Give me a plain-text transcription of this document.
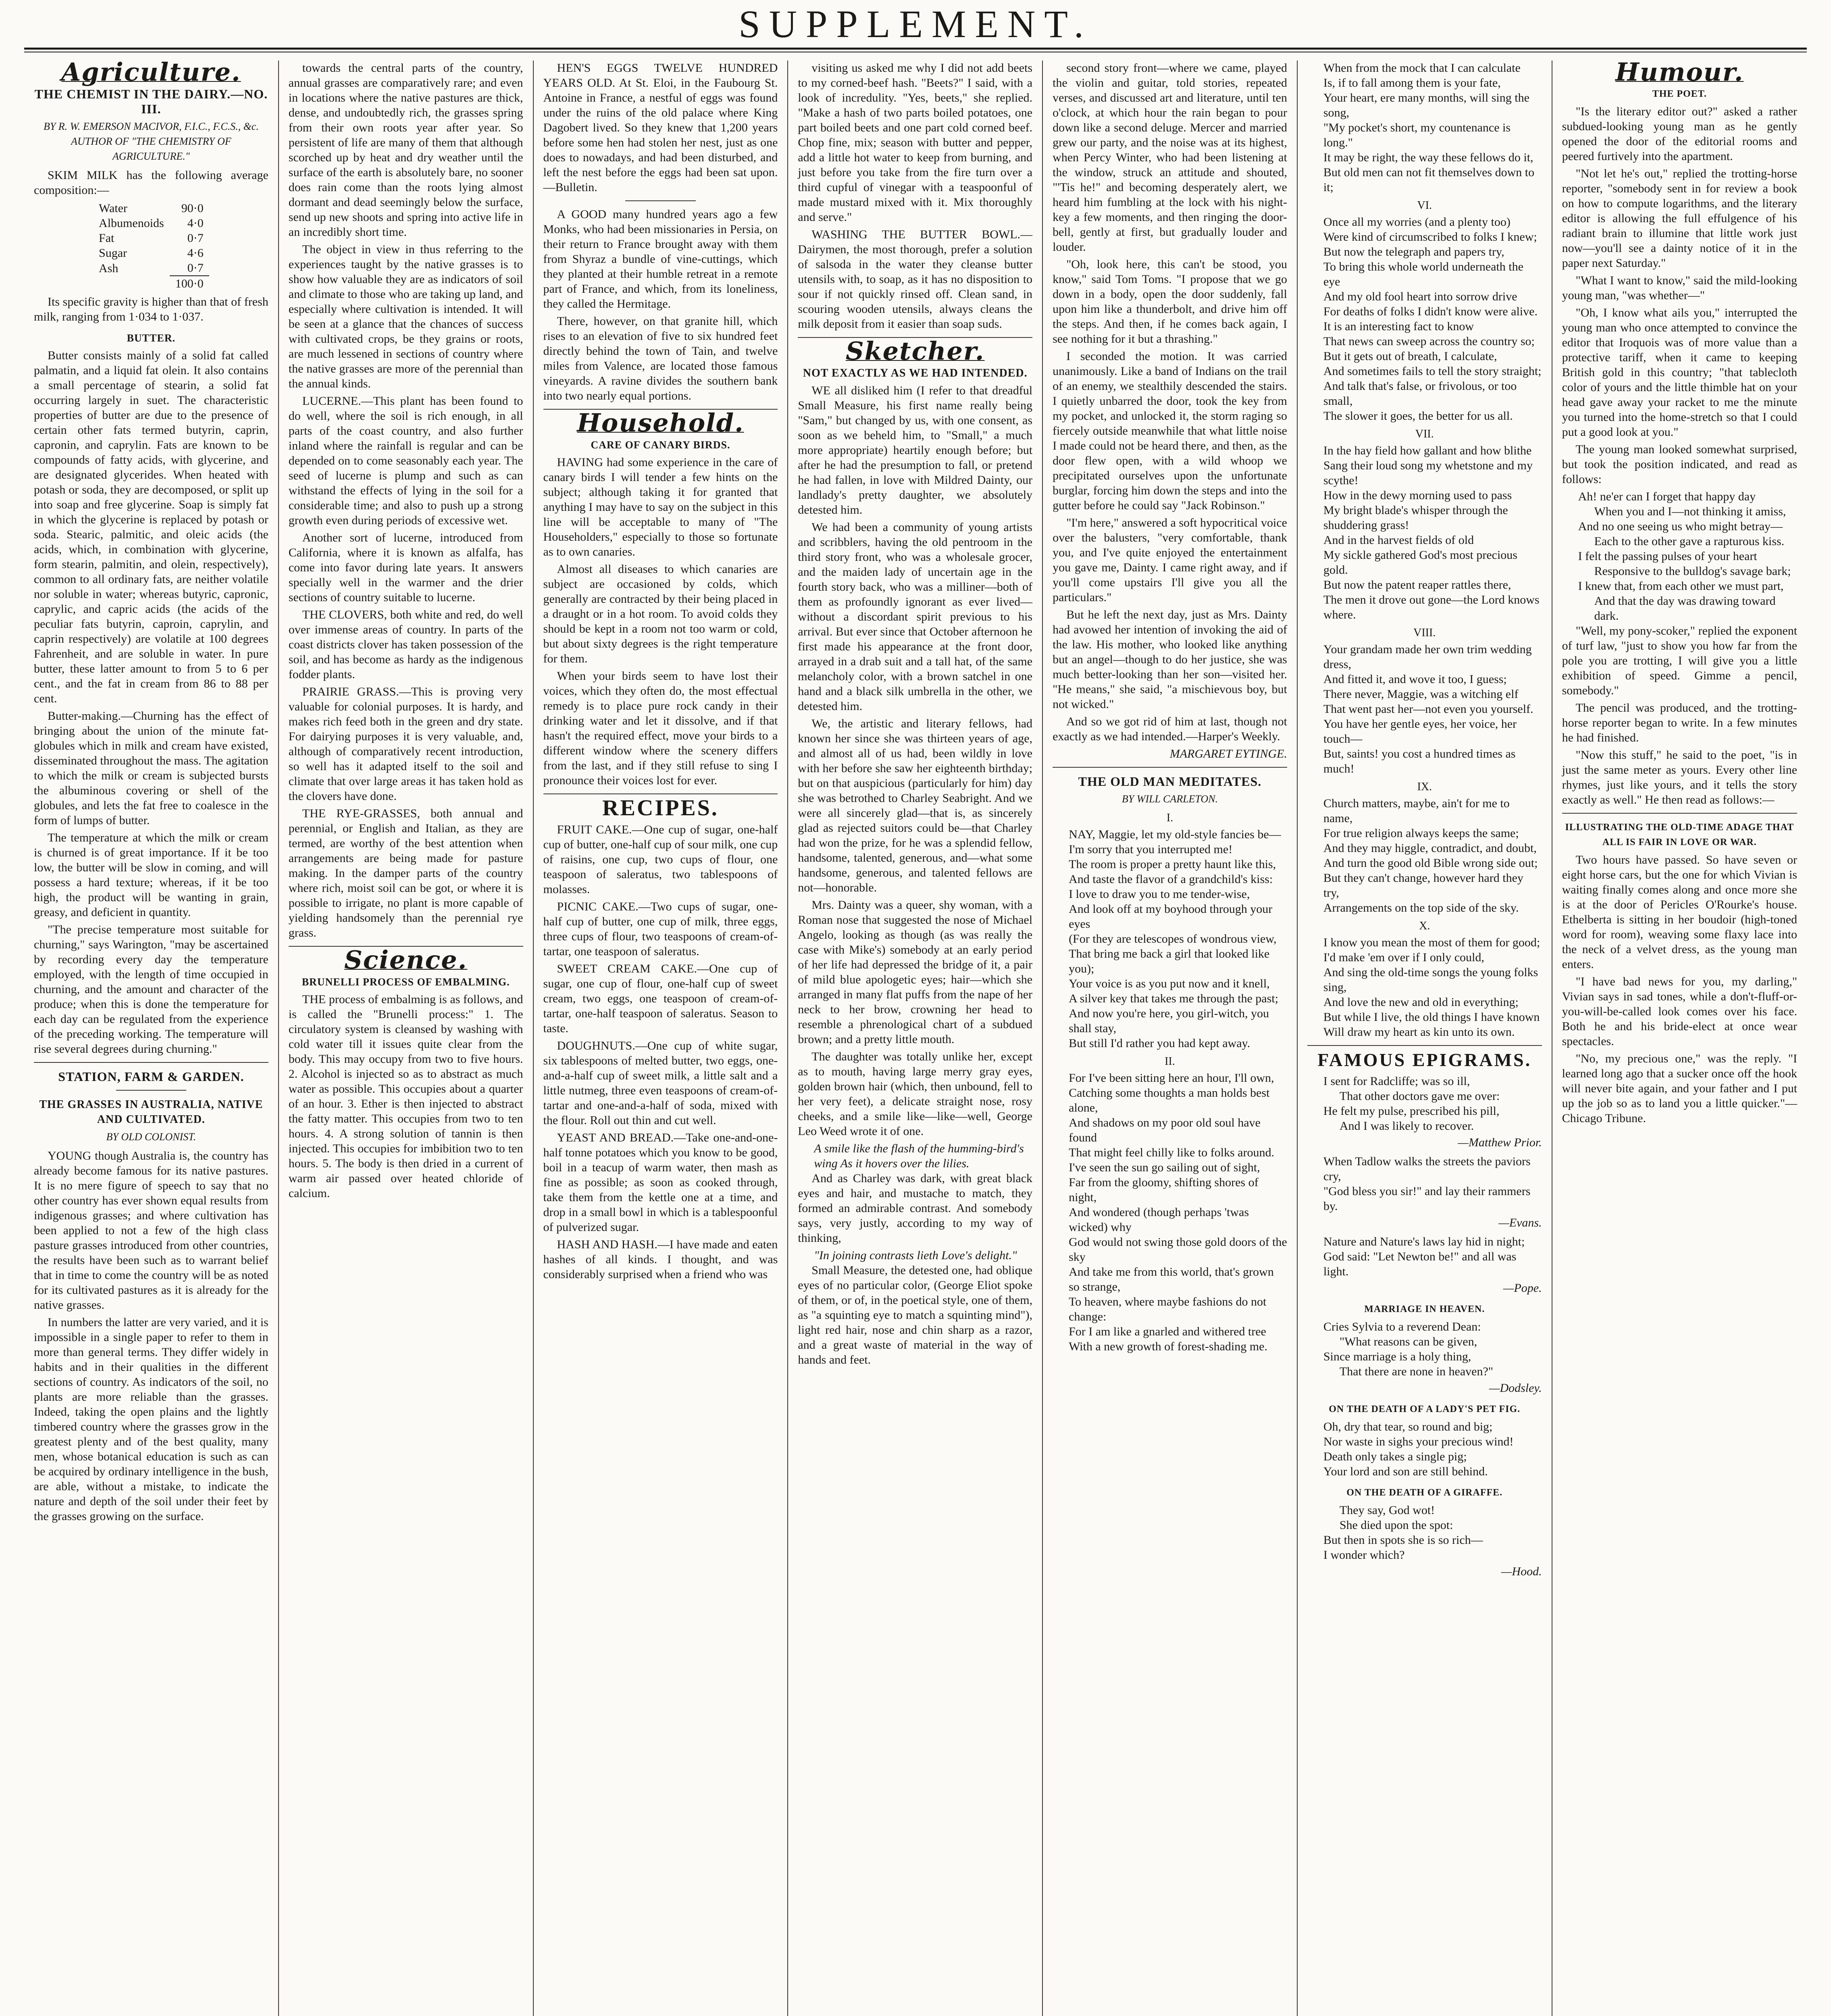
SUPPLEMENT.
Agriculture.
THE CHEMIST IN THE DAIRY.—NO. III.
BY R. W. EMERSON MACIVOR, F.I.C., F.C.S., &c. AUTHOR OF "THE CHEMISTRY OF AGRICULTURE."

SKIM MILK has the following average composition:—

Water	90·0
Albumenoids	4·0
Fat	0·7
Sugar	4·6
Ash	0·7
	100·0

Its specific gravity is higher than that of fresh milk, ranging from 1·034 to 1·037.

BUTTER.

Butter consists mainly of a solid fat called palmatin, and a liquid fat olein. It also contains a small percentage of stearin, a solid fat occurring largely in suet. The characteristic properties of butter are due to the presence of certain other fats termed butyrin, caprin, capronin, and caprylin. Fats are known to be compounds of fatty acids, with glycerine, and are designated glycerides. When heated with potash or soda, they are decomposed, or split up into soap and free glycerine. Soap is simply fat in which the glycerine is replaced by potash or soda. Stearic, palmitic, and oleic acids (the acids, which, in combination with glycerine, form stearin, palmitin, and olein, respectively), common to all ordinary fats, are neither volatile nor soluble in water; whereas butyric, capronic, caprylic, and capric acids (the acids of the peculiar fats butyrin, caproin, caprylin, and caprin respectively) are volatile at 100 degrees Fahrenheit, and are soluble in water. In pure butter, these latter amount to from 5 to 6 per cent., and the fat in cream from 86 to 88 per cent.

Butter-making.—Churning has the effect of bringing about the union of the minute fat-globules which in milk and cream have existed, disseminated throughout the mass. The agitation to which the milk or cream is subjected bursts the albuminous covering or shell of the globules, and lets the fat free to coalesce in the form of lumps of butter.

The temperature at which the milk or cream is churned is of great importance. If it be too low, the butter will be slow in coming, and will possess a hard texture; whereas, if it be too high, the product will be wanting in grain, greasy, and deficient in quantity.

"The precise temperature most suitable for churning," says Warington, "may be ascertained by recording every day the temperature employed, with the length of time occupied in churning, and the amount and character of the produce; when this is done the temperature for each day can be regulated from the experience of the preceding working. The temperature will rise several degrees during churning."

STATION, FARM & GARDEN.
THE GRASSES IN AUSTRALIA, NATIVE AND CULTIVATED.
BY OLD COLONIST.

YOUNG though Australia is, the country has already become famous for its native pastures. It is no mere figure of speech to say that no other country has ever shown equal results from indigenous grasses; and where cultivation has been applied to not a few of the high class pasture grasses introduced from other countries, the results have been such as to warrant belief that in time to come the country will be as noted for its cultivated pastures as it is already for the native grasses.

In numbers the latter are very varied, and it is impossible in a single paper to refer to them in more than general terms. They differ widely in habits and in their qualities in the different sections of country. As indicators of the soil, no plants are more reliable than the grasses. Indeed, taking the open plains and the lightly timbered country where the grasses grow in the greatest plenty and of the best quality, many men, whose botanical education is such as can be acquired by ordinary intelligence in the bush, are able, without a mistake, to indicate the nature and depth of the soil under their feet by the grasses growing on the surface.

towards the central parts of the country, annual grasses are comparatively rare; and even in locations where the native pastures are thick, dense, and undoubtedly rich, the grasses spring from their own roots year after year. So persistent of life are many of them that although scorched up by heat and dry weather until the surface of the earth is absolutely bare, no sooner does rain come than the roots lying almost dormant and dead seemingly below the surface, send up new shoots and spring into active life in an incredibly short time.

The object in view in thus referring to the experiences taught by the native grasses is to show how valuable they are as indicators of soil and climate to those who are taking up land, and especially where cultivation is intended. It will be seen at a glance that the chances of success with cultivated crops, be they grains or roots, are much lessened in sections of country where the native grasses are more of the perennial than the annual kinds.

LUCERNE.—This plant has been found to do well, where the soil is rich enough, in all parts of the coast country, and also further inland where the rainfall is regular and can be depended on to come seasonably each year. The seed of lucerne is plump and such as can withstand the effects of lying in the soil for a considerable time; and also to push up a strong growth even during periods of excessive wet.

Another sort of lucerne, introduced from California, where it is known as alfalfa, has come into favor during late years. It answers specially well in the warmer and the drier sections of country suitable to lucerne.

THE CLOVERS, both white and red, do well over immense areas of country. In parts of the coast districts clover has taken possession of the soil, and has become as hardy as the indigenous fodder plants.

PRAIRIE GRASS.—This is proving very valuable for colonial purposes. It is hardy, and makes rich feed both in the green and dry state. For dairying purposes it is very valuable, and, although of comparatively recent introduction, so well has it adapted itself to the soil and climate that over large areas it has taken hold as the clovers have done.

THE RYE-GRASSES, both annual and perennial, or English and Italian, as they are termed, are worthy of the best attention when arrangements are being made for pasture making. In the damper parts of the country where rich, moist soil can be got, or where it is possible to irrigate, no plant is more capable of yielding handsomely than the perennial rye grass.

Science.
BRUNELLI PROCESS OF EMBALMING.

THE process of embalming is as follows, and is called the "Brunelli process:" 1. The circulatory system is cleansed by washing with cold water till it issues quite clear from the body. This may occupy from two to five hours. 2. Alcohol is injected so as to abstract as much water as possible. This occupies about a quarter of an hour. 3. Ether is then injected to abstract the fatty matter. This occupies from two to ten hours. 4. A strong solution of tannin is then injected. This occupies for imbibition two to ten hours. 5. The body is then dried in a current of warm air passed over heated chloride of calcium.

HEN'S EGGS TWELVE HUNDRED YEARS OLD. At St. Eloi, in the Faubourg St. Antoine in France, a nestful of eggs was found under the ruins of the old palace where King Dagobert lived. So they knew that 1,200 years before some hen had stolen her nest, just as one does to nowadays, and had been disturbed, and left the nest before the eggs had been sat upon.—Bulletin.

A GOOD many hundred years ago a few Monks, who had been missionaries in Persia, on their return to France brought away with them from Shyraz a bundle of vine-cuttings, which they planted at their humble retreat in a remote part of France, and which, from its loneliness, they called the Hermitage.

There, however, on that granite hill, which rises to an elevation of five to six hundred feet directly behind the town of Tain, and twelve miles from Valence, are located those famous vineyards. A ravine divides the southern bank into two nearly equal portions.

Household.
CARE OF CANARY BIRDS.

HAVING had some experience in the care of canary birds I will tender a few hints on the subject; although taking it for granted that anything I may have to say on the subject in this line will be acceptable to many of "The Householders," especially to those so fortunate as to own canaries.

Almost all diseases to which canaries are subject are occasioned by colds, which generally are contracted by their being placed in a draught or in a hot room. To avoid colds they should be kept in a room not too warm or cold, but about sixty degrees is the right temperature for them.

When your birds seem to have lost their voices, which they often do, the most effectual remedy is to place pure rock candy in their drinking water and let it dissolve, and if that hasn't the required effect, move your birds to a different window where the scenery differs from the last, and if they still refuse to sing I pronounce their voices lost for ever.

RECIPES.

FRUIT CAKE.—One cup of sugar, one-half cup of butter, one-half cup of sour milk, one cup of raisins, one cup, two cups of flour, one teaspoon of saleratus, two tablespoons of molasses.

PICNIC CAKE.—Two cups of sugar, one-half cup of butter, one cup of milk, three eggs, three cups of flour, two teaspoons of cream-of-tartar, one teaspoon of saleratus.

SWEET CREAM CAKE.—One cup of sugar, one cup of flour, one-half cup of sweet cream, two eggs, one teaspoon of cream-of-tartar, one-half teaspoon of saleratus. Season to taste.

DOUGHNUTS.—One cup of white sugar, six tablespoons of melted butter, two eggs, one-and-a-half cup of sweet milk, a little salt and a little nutmeg, three even teaspoons of cream-of-tartar and one-and-a-half of soda, mixed with the flour. Roll out thin and cut well.

YEAST AND BREAD.—Take one-and-one-half tonne potatoes which you know to be good, boil in a teacup of warm water, then mash as fine as possible; as soon as cooked through, take them from the kettle one at a time, and drop in a small bowl in which is a tablespoonful of pulverized sugar.

HASH AND HASH.—I have made and eaten hashes of all kinds. I thought, and was considerably surprised when a friend who was

visiting us asked me why I did not add beets to my corned-beef hash. "Beets?" I said, with a look of incredulity. "Yes, beets," she replied. "Make a hash of two parts boiled potatoes, one part boiled beets and one part cold corned beef. Chop fine, mix; season with butter and pepper, add a little hot water to keep from burning, and just before you take from the fire turn over a third cupful of vinegar with a teaspoonful of made mustard mixed with it. Mix thoroughly and serve."

WASHING THE BUTTER BOWL.—Dairymen, the most thorough, prefer a solution of salsoda in the water they cleanse butter utensils with, to soap, as it has no disposition to sour if not quickly rinsed off. Clean sand, in scouring wooden utensils, always cleans the milk deposit from it easier than soap suds.

Sketcher.
NOT EXACTLY AS WE HAD INTENDED.

WE all disliked him (I refer to that dreadful Small Measure, his first name really being "Sam," but changed by us, with one consent, as soon as we beheld him, to "Small," a much more appropriate) heartily enough before; but after he had the presumption to fall, or pretend he had fallen, in love with Mildred Dainty, our landlady's pretty daughter, we absolutely detested him.

We had been a community of young artists and scribblers, having the old pentroom in the third story front, who was a wholesale grocer, and the maiden lady of uncertain age in the fourth story back, who was a milliner—both of them as profoundly ignorant as ever lived—without a discordant spirit previous to his arrival. But ever since that October afternoon he first made his appearance at the front door, arrayed in a drab suit and a tall hat, of the same melancholy color, with a brown satchel in one hand and a black silk umbrella in the other, we detested him.

We, the artistic and literary fellows, had known her since she was thirteen years of age, and almost all of us had, been wildly in love with her before she saw her eighteenth birthday; but on that auspicious (particularly for him) day she was betrothed to Charley Seabright. And we were all sincerely glad—that is, as sincerely glad as rejected suitors could be—that Charley had won the prize, for he was a splendid fellow, handsome, talented, generous, and—what some handsome, generous, and talented fellows are not—honorable.

Mrs. Dainty was a queer, shy woman, with a Roman nose that suggested the nose of Michael Angelo, looking as though (as was really the case with Mike's) somebody at an early period of her life had depressed the bridge of it, a pair of mild blue apologetic eyes; hair—which she arranged in many flat puffs from the nape of her neck to her brow, crowning her head to resemble a phrenological chart of a subdued brown; and a pretty little mouth.

The daughter was totally unlike her, except as to mouth, having large merry gray eyes, golden brown hair (which, then unbound, fell to her very feet), a delicate straight nose, rosy cheeks, and a smile like—like—well, George Leo Weed wrote it of one.

A smile like the flash of the humming-bird's wing As it hovers over the lilies.

And as Charley was dark, with great black eyes and hair, and mustache to match, they formed an admirable contrast. And somebody says, very justly, according to my way of thinking,

"In joining contrasts lieth Love's delight."

Small Measure, the detested one, had oblique eyes of no particular color, (George Eliot spoke of them, or of, in the poetical style, one of them, as "a squinting eye to match a squinting mind"), light red hair, nose and chin sharp as a razor, and a great waste of material in the way of hands and feet.

second story front—where we came, played the violin and guitar, told stories, repeated verses, and discussed art and literature, until ten o'clock, at which hour the rain began to pour down like a second deluge. Mercer and married grew our party, and the noise was at its highest, when Percy Winter, who had been listening at the window, struck an attitude and shouted, "'Tis he!" and becoming desperately alert, we heard him fumbling at the lock with his night-key a few moments, and then ringing the door-bell, gently at first, but gradually louder and louder.

"Oh, look here, this can't be stood, you know," said Tom Toms. "I propose that we go down in a body, open the door suddenly, fall upon him like a thunderbolt, and drive him off the steps. And then, if he comes back again, I see nothing for it but a thrashing."

I seconded the motion. It was carried unanimously. Like a band of Indians on the trail of an enemy, we stealthily descended the stairs. I quietly unbarred the door, took the key from my pocket, and unlocked it, the storm raging so fiercely outside meanwhile that what little noise I made could not be heard there, and then, as the door flew open, with a wild whoop we precipitated ourselves upon the unfortunate burglar, forcing him down the steps and into the gutter before he could say "Jack Robinson."

"I'm here," answered a soft hypocritical voice over the balusters, "very comfortable, thank you, and I've quite enjoyed the entertainment you gave me, Dainty. I came right away, and if you'll come upstairs I'll give you all the particulars."

But he left the next day, just as Mrs. Dainty had avowed her intention of invoking the aid of the law. His mother, who looked like anything but an angel—though to do her justice, she was much better-looking than her son—visited her. "He means," she said, "a mischievous boy, but not wicked."

And so we got rid of him at last, though not exactly as we had intended.—Harper's Weekly.

MARGARET EYTINGE.
THE OLD MAN MEDITATES.
BY WILL CARLETON.
I.

NAY, Maggie, let my old-style fancies be—

I'm sorry that you interrupted me!

The room is proper a pretty haunt like this,

And taste the flavor of a grandchild's kiss:

I love to draw you to me tender-wise,

And look off at my boyhood through your eyes

(For they are telescopes of wondrous view,

That bring me back a girl that looked like you);

Your voice is as you put now and it knell,

A silver key that takes me through the past;

And now you're here, you girl-witch, you shall stay,

But still I'd rather you had kept away.

II.

For I've been sitting here an hour, I'll own,

Catching some thoughts a man holds best alone,

And shadows on my poor old soul have found

That might feel chilly like to folks around.

I've seen the sun go sailing out of sight,

Far from the gloomy, shifting shores of night,

And wondered (though perhaps 'twas wicked) why

God would not swing those gold doors of the sky

And take me from this world, that's grown so strange,

To heaven, where maybe fashions do not change:

For I am like a gnarled and withered tree

With a new growth of forest-shading me.

When from the mock that I can calculate

Is, if to fall among them is your fate,

Your heart, ere many months, will sing the song,

"My pocket's short, my countenance is long."

It may be right, the way these fellows do it,

But old men can not fit themselves down to it;

VI.

Once all my worries (and a plenty too)

Were kind of circumscribed to folks I knew;

But now the telegraph and papers try,

To bring this whole world underneath the eye

And my old fool heart into sorrow drive

For deaths of folks I didn't know were alive.

It is an interesting fact to know

That news can sweep across the country so;

But it gets out of breath, I calculate,

And sometimes fails to tell the story straight;

And talk that's false, or frivolous, or too small,

The slower it goes, the better for us all.

VII.

In the hay field how gallant and how blithe

Sang their loud song my whetstone and my scythe!

How in the dewy morning used to pass

My bright blade's whisper through the shuddering grass!

And in the harvest fields of old

My sickle gathered God's most precious gold.

But now the patent reaper rattles there,

The men it drove out gone—the Lord knows where.

VIII.

Your grandam made her own trim wedding dress,

And fitted it, and wove it too, I guess;

There never, Maggie, was a witching elf

That went past her—not even you yourself.

You have her gentle eyes, her voice, her touch—

But, saints! you cost a hundred times as much!

IX.

Church matters, maybe, ain't for me to name,

For true religion always keeps the same;

And they may higgle, contradict, and doubt,

And turn the good old Bible wrong side out;

But they can't change, however hard they try,

Arrangements on the top side of the sky.

X.

I know you mean the most of them for good;

I'd make 'em over if I only could,

And sing the old-time songs the young folks sing,

And love the new and old in everything;

But while I live, the old things I have known

Will draw my heart as kin unto its own.

FAMOUS EPIGRAMS.

I sent for Radcliffe; was so ill,

That other doctors gave me over:

He felt my pulse, prescribed his pill,

And I was likely to recover.

—Matthew Prior.

When Tadlow walks the streets the paviors cry,

"God bless you sir!" and lay their rammers by.

—Evans.

Nature and Nature's laws lay hid in night;

God said: "Let Newton be!" and all was light.

—Pope.
MARRIAGE IN HEAVEN.

Cries Sylvia to a reverend Dean:

"What reasons can be given,

Since marriage is a holy thing,

That there are none in heaven?"

—Dodsley.
ON THE DEATH OF A LADY'S PET FIG.

Oh, dry that tear, so round and big;

Nor waste in sighs your precious wind!

Death only takes a single pig;

Your lord and son are still behind.

ON THE DEATH OF A GIRAFFE.

They say, God wot!

She died upon the spot:

But then in spots she is so rich—

I wonder which?

—Hood.
Humour.
THE POET.

"Is the literary editor out?" asked a rather subdued-looking young man as he gently opened the door of the editorial rooms and peered furtively into the apartment.

"Not let he's out," replied the trotting-horse reporter, "somebody sent in for review a book on how to compute logarithms, and the literary editor is allowing the full effulgence of his radiant brain to illumine that little work just now—you'll see a dainty notice of it in the paper next Saturday."

"What I want to know," said the mild-looking young man, "was whether—"

"Oh, I know what ails you," interrupted the young man who once attempted to convince the editor that Iroquois was of more value than a protective tariff, when it came to keeping British gold in this country; "that tablecloth color of yours and the little thimble hat on your head gave away your racket to me the minute you turned into the home-stretch so that I could put a good look at you."

The young man looked somewhat surprised, but took the position indicated, and read as follows:

Ah! ne'er can I forget that happy day

When you and I—not thinking it amiss,

And no one seeing us who might betray—

Each to the other gave a rapturous kiss.

I felt the passing pulses of your heart

Responsive to the bulldog's savage bark;

I knew that, from each other we must part,

And that the day was drawing toward dark.

"Well, my pony-scoker," replied the exponent of turf law, "just to show you how far from the pole you are trotting, I will give you a little exhibition of speed. Gimme a pencil, somebody."

The pencil was produced, and the trotting-horse reporter began to write. In a few minutes he had finished.

"Now this stuff," he said to the poet, "is in just the same meter as yours. Every other line rhymes, just like yours, and it tells the story exactly as well." He then read as follows:—

ILLUSTRATING THE OLD-TIME ADAGE THAT ALL IS FAIR IN LOVE OR WAR.

Two hours have passed. So have seven or eight horse cars, but the one for which Vivian is waiting finally comes along and once more she is at the door of Pericles O'Rourke's house. Ethelberta is sitting in her boudoir (high-toned word for room), weaving some flaxy lace into the neck of a velvet dress, as the young man enters.

"I have bad news for you, my darling," Vivian says in sad tones, while a don't-fluff-or-you-will-be-called look comes over his face. Both he and his bride-elect at once wear spectacles.

"No, my precious one," was the reply. "I learned long ago that a sucker once off the hook will never bite again, and your father and I put up the job so as to land you a little quicker."—Chicago Tribune.
